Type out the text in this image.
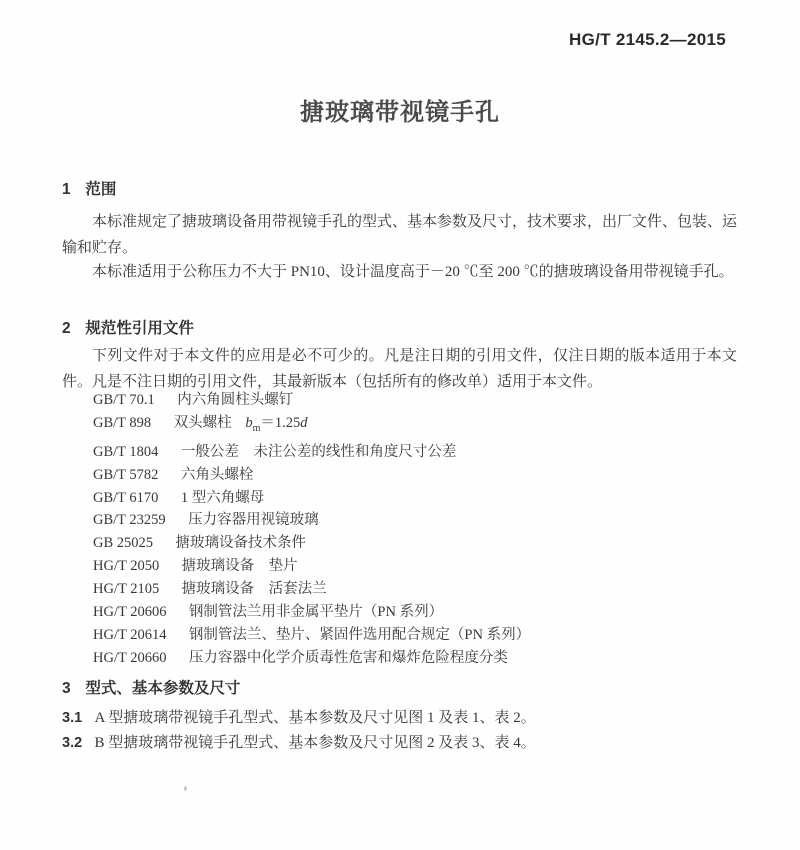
HG/T 2145.2—2015
搪玻璃带视镜手孔
1 范围

本标准规定了搪玻璃设备用带视镜手孔的型式、基本参数及尺寸，技术要求，出厂文件、包装、运输和贮存。

本标准适用于公称压力不大于 PN10、设计温度高于－20 ℃至 200 ℃的搪玻璃设备用带视镜手孔。

2 规范性引用文件

下列文件对于本文件的应用是必不可少的。凡是注日期的引用文件，仅注日期的版本适用于本文件。凡是不注日期的引用文件，其最新版本（包括所有的修改单）适用于本文件。

GB/T 70.1 内六角圆柱头螺钉
GB/T 898 双头螺柱 $b_m=1.25d$
GB/T 1804 一般公差　未注公差的线性和角度尺寸公差
GB/T 5782 六角头螺栓
GB/T 6170 1 型六角螺母
GB/T 23259 压力容器用视镜玻璃
GB 25025 搪玻璃设备技术条件
HG/T 2050 搪玻璃设备　垫片
HG/T 2105 搪玻璃设备　活套法兰
HG/T 20606 钢制管法兰用非金属平垫片（PN 系列）
HG/T 20614 钢制管法兰、垫片、紧固件选用配合规定（PN 系列）
HG/T 20660 压力容器中化学介质毒性危害和爆炸危险程度分类
3 型式、基本参数及尺寸
3.1 A 型搪玻璃带视镜手孔型式、基本参数及尺寸见图 1 及表 1、表 2。
3.2 B 型搪玻璃带视镜手孔型式、基本参数及尺寸见图 2 及表 3、表 4。
